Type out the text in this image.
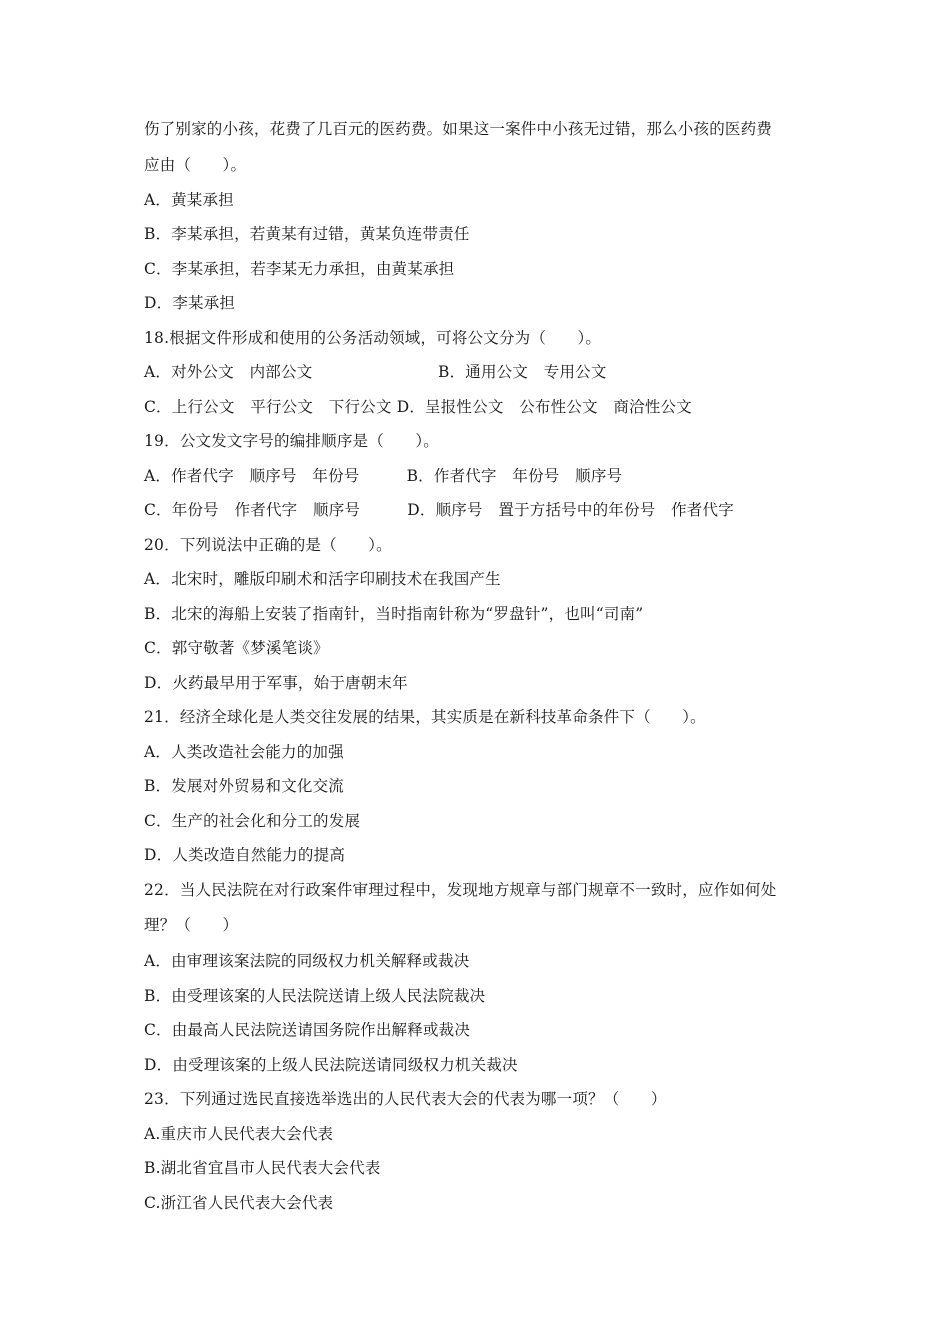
伤了别家的小孩，花费了几百元的医药费。如果这一案件中小孩无过错，那么小孩的医药费
应由（　　）。
A．黄某承担
B．李某承担，若黄某有过错，黄某负连带责任
C．李某承担，若李某无力承担，由黄某承担
D．李某承担
18.根据文件形成和使用的公务活动领域，可将公文分为（　　）。
A．对外公文　内部公文　　　　　　　　B．通用公文　专用公文
C．上行公文　平行公文　下行公文 D．呈报性公文　公布性公文　商洽性公文
19．公文发文字号的编排顺序是（　　）。
A．作者代字　顺序号　年份号　　　B．作者代字　年份号　顺序号
C．年份号　作者代字　顺序号　　　D．顺序号　置于方括号中的年份号　作者代字
20．下列说法中正确的是（　　）。
A．北宋时，雕版印刷术和活字印刷技术在我国产生
B．北宋的海船上安装了指南针，当时指南针称为“罗盘针”，也叫“司南”
C．郭守敬著《梦溪笔谈》
D．火药最早用于军事，始于唐朝末年
21．经济全球化是人类交往发展的结果，其实质是在新科技革命条件下（　　）。
A．人类改造社会能力的加强
B．发展对外贸易和文化交流
C．生产的社会化和分工的发展
D．人类改造自然能力的提高
22．当人民法院在对行政案件审理过程中，发现地方规章与部门规章不一致时，应作如何处
理？（　　）
A．由审理该案法院的同级权力机关解释或裁决
B．由受理该案的人民法院送请上级人民法院裁决
C．由最高人民法院送请国务院作出解释或裁决
D．由受理该案的上级人民法院送请同级权力机关裁决
23．下列通过选民直接选举选出的人民代表大会的代表为哪一项？（　　）
A.重庆市人民代表大会代表
B.湖北省宜昌市人民代表大会代表
C.浙江省人民代表大会代表
